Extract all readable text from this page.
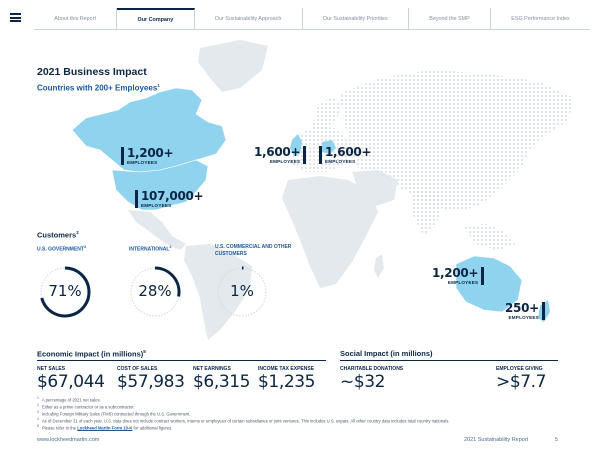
About this Report	Our Company	Our Sustainability Approach	Our Sustainability Priorities	Beyond the SMP	ESG Performance Index
2021 Business Impact
Countries with 200+ Employees$^1$
1,200+
EMPLOYEES
107,000+
EMPLOYEES
1,600+
EMPLOYEES
1,600+
EMPLOYEES
1,200+
EMPLOYEES
250+
EMPLOYEES
Customers$^2$
U.S. GOVERNMENT$^3$	INTERNATIONAL$^4$	U.S. COMMERCIAL AND OTHER CUSTOMERS
71%	28%	1%
Economic Impact (in millions)$^5$
NET SALES
$67,044
COST OF SALES
$57,983
NET EARNINGS
$6,315
INCOME TAX EXPENSE
$1,235
Social Impact (in millions)
CHARITABLE DONATIONS
~$32
EMPLOYEE GIVING
>$7.7
$^1$ A percentage of 2021 net sales.
$^2$ Either as a prime contractor or as a subcontractor.
$^3$ Including Foreign Military Sales (FMS) contracted through the U.S. Government.
$^4$ As of December 31 of each year. U.S. data does not include contract workers, interns or employees of certain subsidiaries or joint ventures. This includes U.S. expats. All other country data includes total country nationals.
$^5$ Please refer to the Lockheed Martin Form 10-K for additional figures.
www.lockheedmartin.com	2021 Sustainability Report	5
